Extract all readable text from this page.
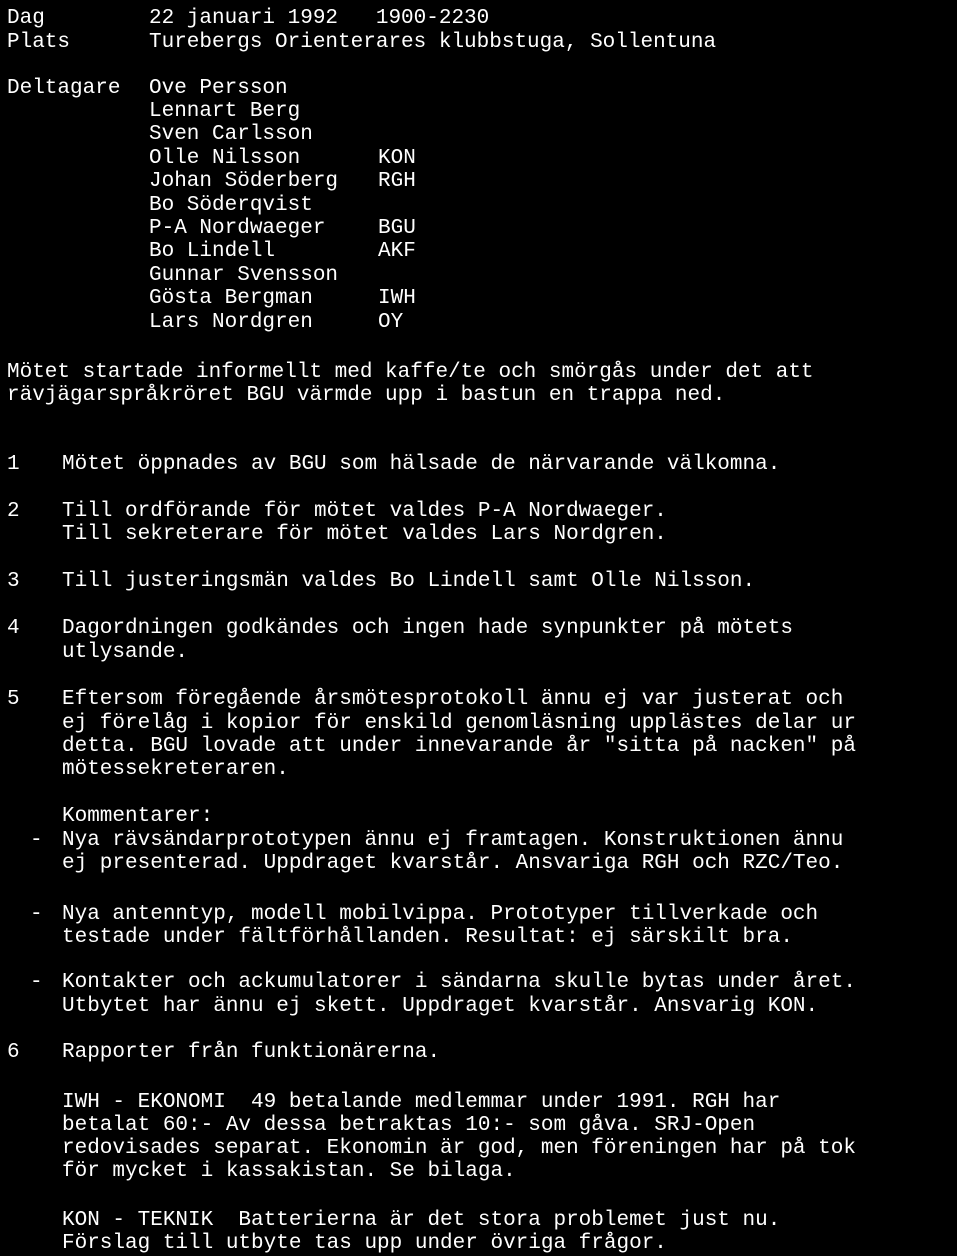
Dag	22 januari 1992   1900-2230
Plats	Turebergs Orienterares klubbstuga, Sollentuna
Deltagare Ove Persson
Lennart Berg
Sven Carlsson
Olle Nilsson	KON
Johan Söderberg RGH
Bo Söderqvist
P-A Nordwaeger	BGU
Bo Lindell	AKF
Gunnar Svensson
Gösta Bergman	IWH
Lars Nordgren	OY
Mötet startade informellt med kaffe/te och smörgås under det att
rävjägarspråkröret BGU värmde upp i bastun en trappa ned.
1 Mötet öppnades av BGU som hälsade de närvarande välkomna.
2 Till ordförande för mötet valdes P-A Nordwaeger.
Till sekreterare för mötet valdes Lars Nordgren.
3 Till justeringsmän valdes Bo Lindell samt Olle Nilsson.
4 Dagordningen godkändes och ingen hade synpunkter på mötets
utlysande.
5 Eftersom föregående årsmötesprotokoll ännu ej var justerat och
ej förelåg i kopior för enskild genomläsning upplästes delar ur
detta. BGU lovade att under innevarande år "sitta på nacken" på
mötessekreteraren.
Kommentarer:
- Nya rävsändarprototypen ännu ej framtagen. Konstruktionen ännu
ej presenterad. Uppdraget kvarstår. Ansvariga RGH och RZC/Teo.
- Nya antenntyp, modell mobilvippa. Prototyper tillverkade och
testade under fältförhållanden. Resultat: ej särskilt bra.
- Kontakter och ackumulatorer i sändarna skulle bytas under året.
Utbytet har ännu ej skett. Uppdraget kvarstår. Ansvarig KON.
6 Rapporter från funktionärerna.
IWH - EKONOMI  49 betalande medlemmar under 1991. RGH har
betalat 60:- Av dessa betraktas 10:- som gåva. SRJ-Open
redovisades separat. Ekonomin är god, men föreningen har på tok
för mycket i kassakistan. Se bilaga.
KON - TEKNIK  Batterierna är det stora problemet just nu.
Förslag till utbyte tas upp under övriga frågor.
